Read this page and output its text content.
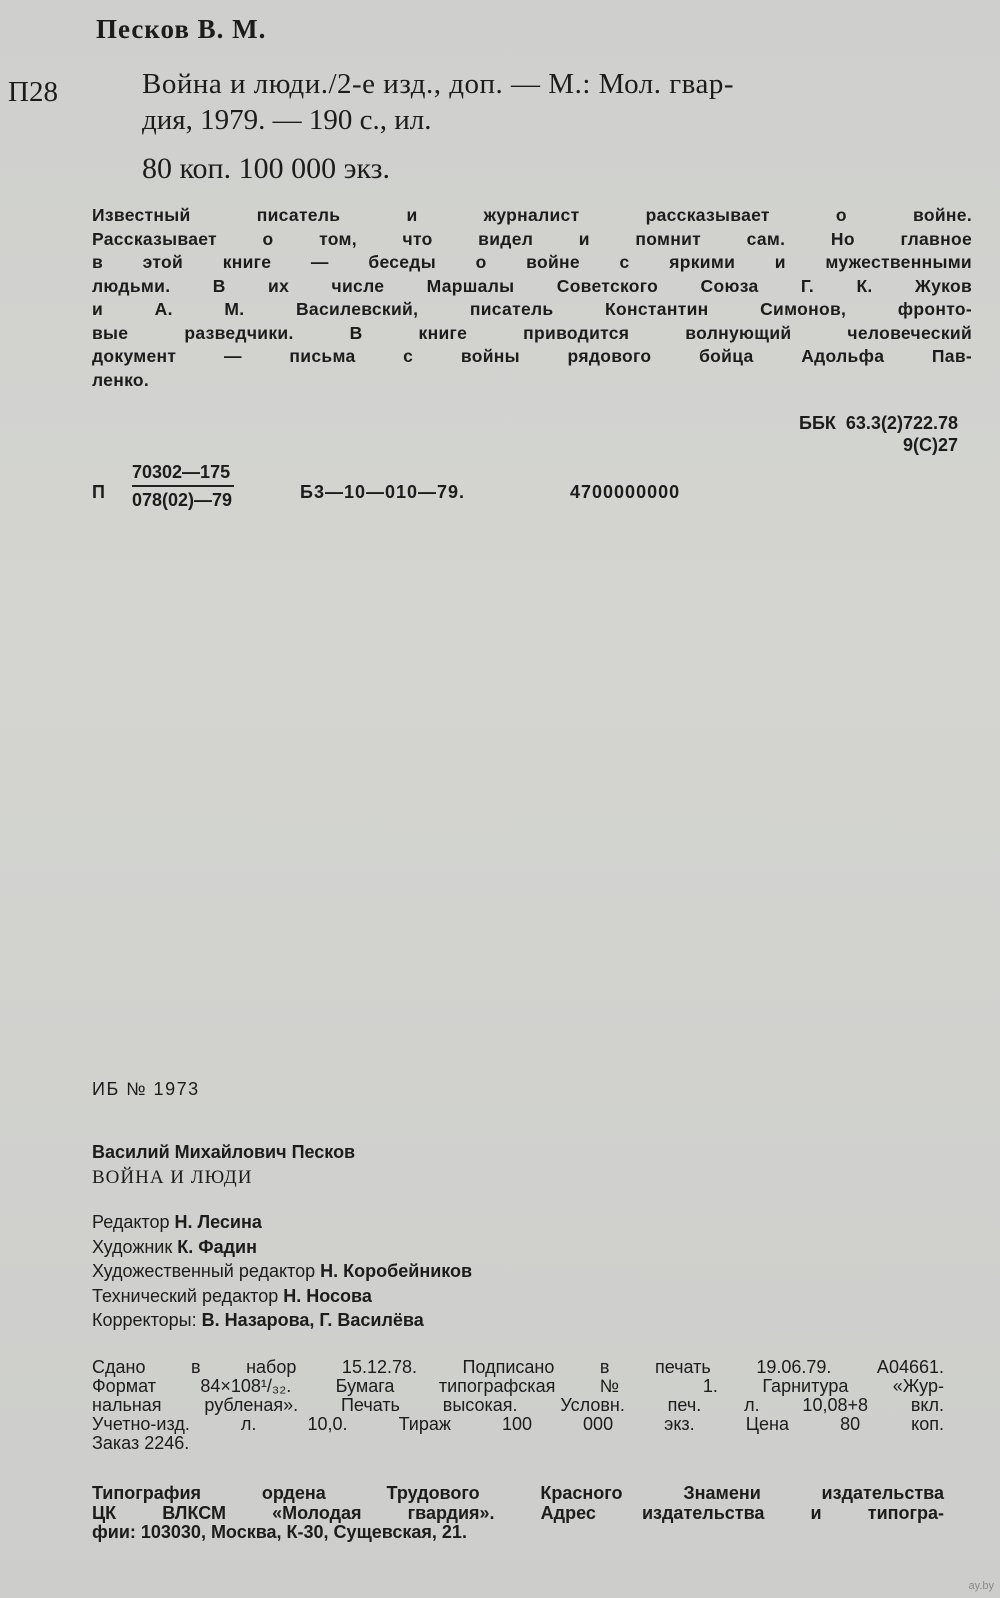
Песков В. М.
П28	Война и люди./2-е изд., доп. — М.: Мол. гвар-
дия, 1979. — 190 с., ил.
80 коп. 100 000 экз.
Известный писатель и журналист рассказывает о войне.
Рассказывает о том, что видел и помнит сам. Но главное
в этой книге — беседы о войне с яркими и мужественными
людьми. В их числе Маршалы Советского Союза Г. К. Жуков
и А. М. Василевский, писатель Константин Симонов, фронто-
вые разведчики. В книге приводится волнующий человеческий
документ — письма с войны рядового бойца Адольфа Пав-
ленко.
ББК 63.3(2)722.78
9(С)27
П $\frac{70302—175}{078(02)—79}$	Б3—10—010—79.	4700000000
ИБ № 1973
Василий Михайлович Песков
ВОЙНА И ЛЮДИ
Редактор Н. Лесина
Художник К. Фадин
Художественный редактор Н. Коробейников
Технический редактор Н. Носова
Корректоры: В. Назарова, Г. Василёва
Сдано в набор 15.12.78. Подписано в печать 19.06.79. А04661.
Формат 84×108¹/₃₂. Бумага типографская № 1. Гарнитура «Жур-
нальная рубленая». Печать высокая. Условн. печ. л. 10,08+8 вкл.
Учетно-изд. л. 10,0. Тираж 100 000 экз. Цена 80 коп.
Заказ 2246.
Типография ордена Трудового Красного Знамени издательства
ЦК ВЛКСМ «Молодая гвардия». Адрес издательства и типогра-
фии: 103030, Москва, К-30, Сущевская, 21.
ay.by
